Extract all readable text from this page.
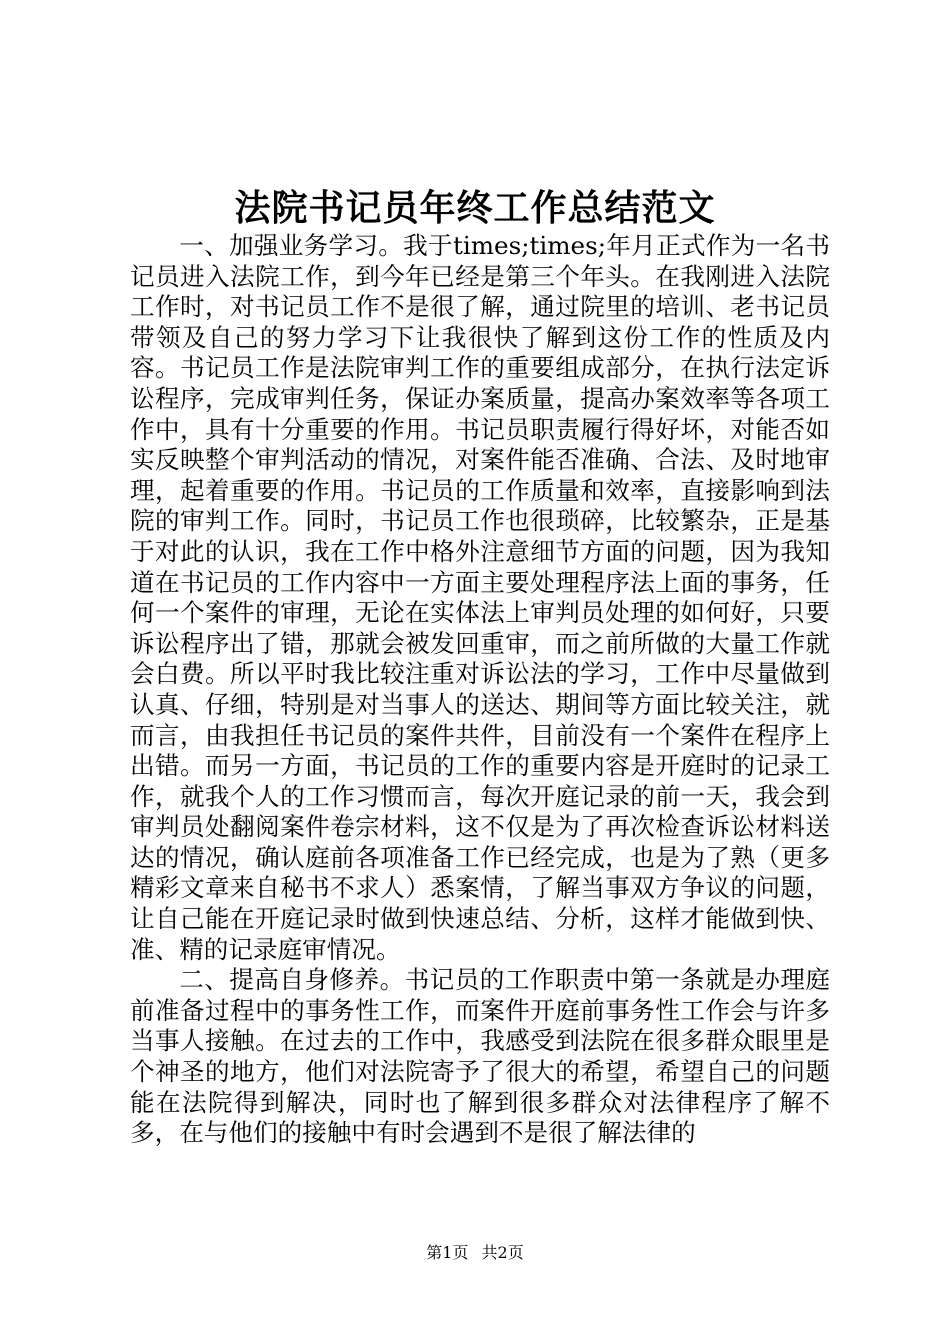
法院书记员年终工作总结范文

一、加强业务学习。我于times;times;年月正式作为一名书记员进入法院工作，到今年已经是第三个年头。在我刚进入法院工作时，对书记员工作不是很了解，通过院里的培训、老书记员带领及自己的努力学习下让我很快了解到这份工作的性质及内容。书记员工作是法院审判工作的重要组成部分，在执行法定诉讼程序，完成审判任务，保证办案质量，提高办案效率等各项工作中，具有十分重要的作用。书记员职责履行得好坏，对能否如实反映整个审判活动的情况，对案件能否准确、合法、及时地审理，起着重要的作用。书记员的工作质量和效率，直接影响到法院的审判工作。同时，书记员工作也很琐碎，比较繁杂，正是基于对此的认识，我在工作中格外注意细节方面的问题，因为我知道在书记员的工作内容中一方面主要处理程序法上面的事务，任何一个案件的审理，无论在实体法上审判员处理的如何好，只要诉讼程序出了错，那就会被发回重审，而之前所做的大量工作就会白费。所以平时我比较注重对诉讼法的学习，工作中尽量做到认真、仔细，特别是对当事人的送达、期间等方面比较关注，就而言，由我担任书记员的案件共件，目前没有一个案件在程序上出错。而另一方面，书记员的工作的重要内容是开庭时的记录工作，就我个人的工作习惯而言，每次开庭记录的前一天，我会到审判员处翻阅案件卷宗材料，这不仅是为了再次检查诉讼材料送达的情况，确认庭前各项准备工作已经完成，也是为了熟（更多精彩文章来自秘书不求人）悉案情，了解当事双方争议的问题，让自己能在开庭记录时做到快速总结、分析，这样才能做到快、准、精的记录庭审情况。

二、提高自身修养。书记员的工作职责中第一条就是办理庭前准备过程中的事务性工作，而案件开庭前事务性工作会与许多当事人接触。在过去的工作中，我感受到法院在很多群众眼里是个神圣的地方，他们对法院寄予了很大的希望，希望自己的问题能在法院得到解决，同时也了解到很多群众对法律程序了解不多，在与他们的接触中有时会遇到不是很了解法律的

第1页 共2页
